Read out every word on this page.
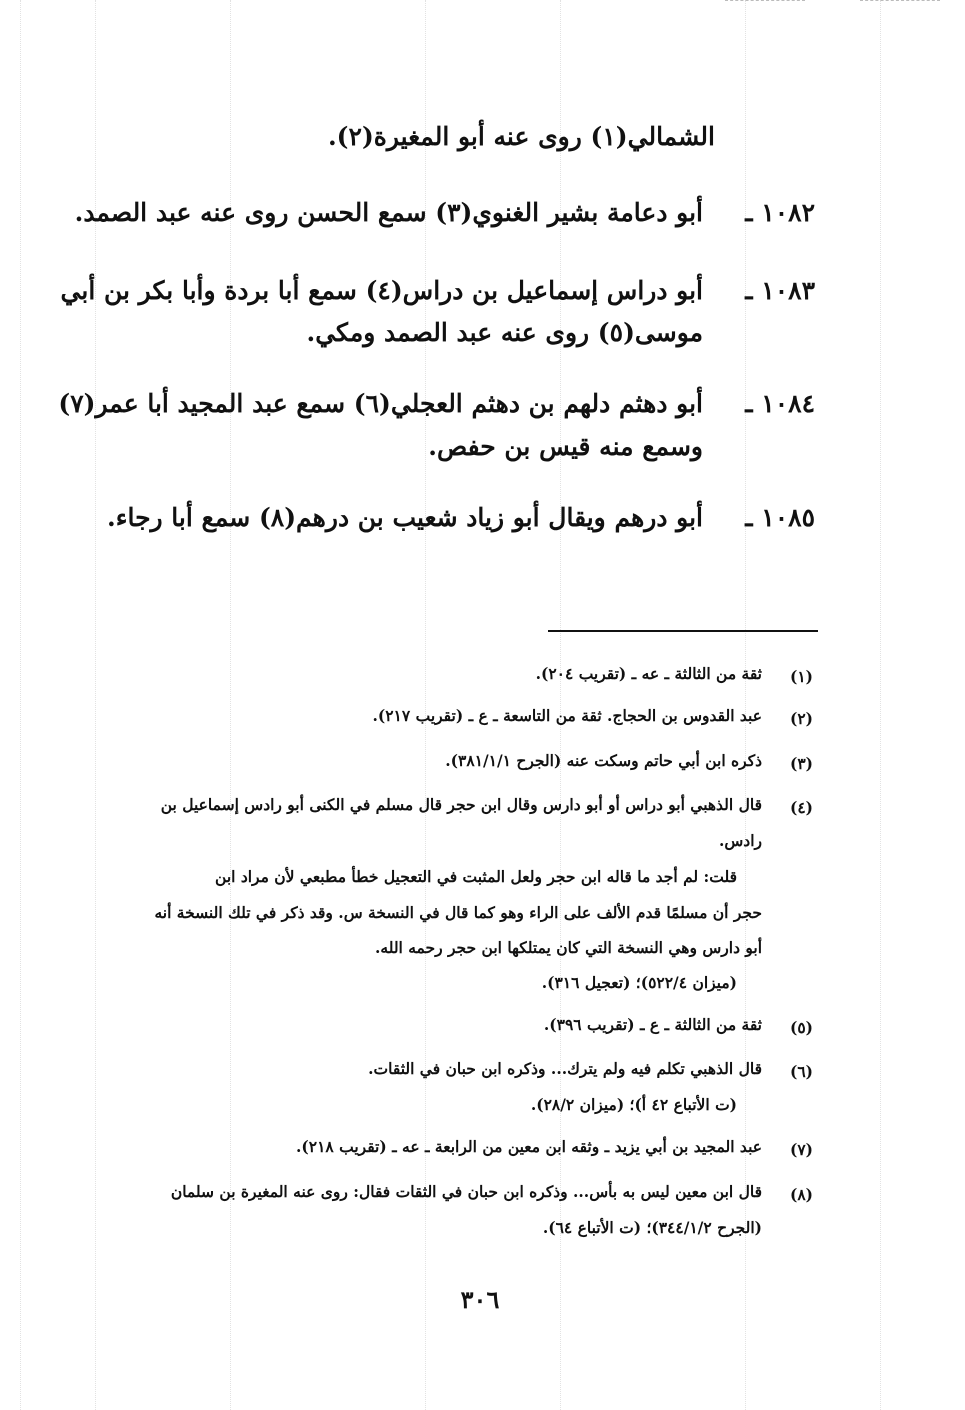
الشمالي(١) روى عنه أبو المغيرة(٢).
١٠٨٢ ـ
أبو دعامة بشير الغنوي(٣) سمع الحسن روى عنه عبد الصمد.
١٠٨٣ ـ
أبو دراس إسماعيل بن دراس(٤) سمع أبا بردة وأبا بكر بن أبي
موسى(٥) روى عنه عبد الصمد ومكي.
١٠٨٤ ـ
أبو دهثم دلهم بن دهثم العجلي(٦) سمع عبد المجيد أبا عمر(٧)
وسمع منه قيس بن حفص.
١٠٨٥ ـ
أبو درهم ويقال أبو زياد شعيب بن درهم(٨) سمع أبا رجاء.
(١)
ثقة من الثالثة ـ عه ـ (تقريب ٢٠٤).
(٢)
عبد القدوس بن الحجاج. ثقة من التاسعة ـ ع ـ (تقريب ٢١٧).
(٣)
ذكره ابن أبي حاتم وسكت عنه (الجرح ٣٨١/١/١).
(٤)
قال الذهبي أبو دراس أو أبو دارس وقال ابن حجر قال مسلم في الكنى أبو رادس إسماعيل بن
رادس.
قلت: لم أجد ما قاله ابن حجر ولعل المثبت في التعجيل خطأ مطبعي لأن مراد ابن
حجر أن مسلمًا قدم الألف على الراء وهو كما قال في النسخة س. وقد ذكر في تلك النسخة أنه
أبو دارس وهي النسخة التي كان يمتلكها ابن حجر رحمه الله.
(ميزان ٥٢٢/٤)؛ (تعجيل ٣١٦).
(٥)
ثقة من الثالثة ـ ع ـ (تقريب ٣٩٦).
(٦)
قال الذهبي تكلم فيه ولم يترك... وذكره ابن حبان في الثقات.
(ت الأتباع ٤٢ أ)؛ (ميزان ٢٨/٢).
(٧)
عبد المجيد بن أبي يزيد ـ وثقه ابن معين من الرابعة ـ عه ـ (تقريب ٢١٨).
(٨)
قال ابن معين ليس به بأس... وذكره ابن حبان في الثقات فقال: روى عنه المغيرة بن سلمان
(الجرح ٣٤٤/١/٢)؛ (ت الأتباع ٦٤).
٣٠٦
